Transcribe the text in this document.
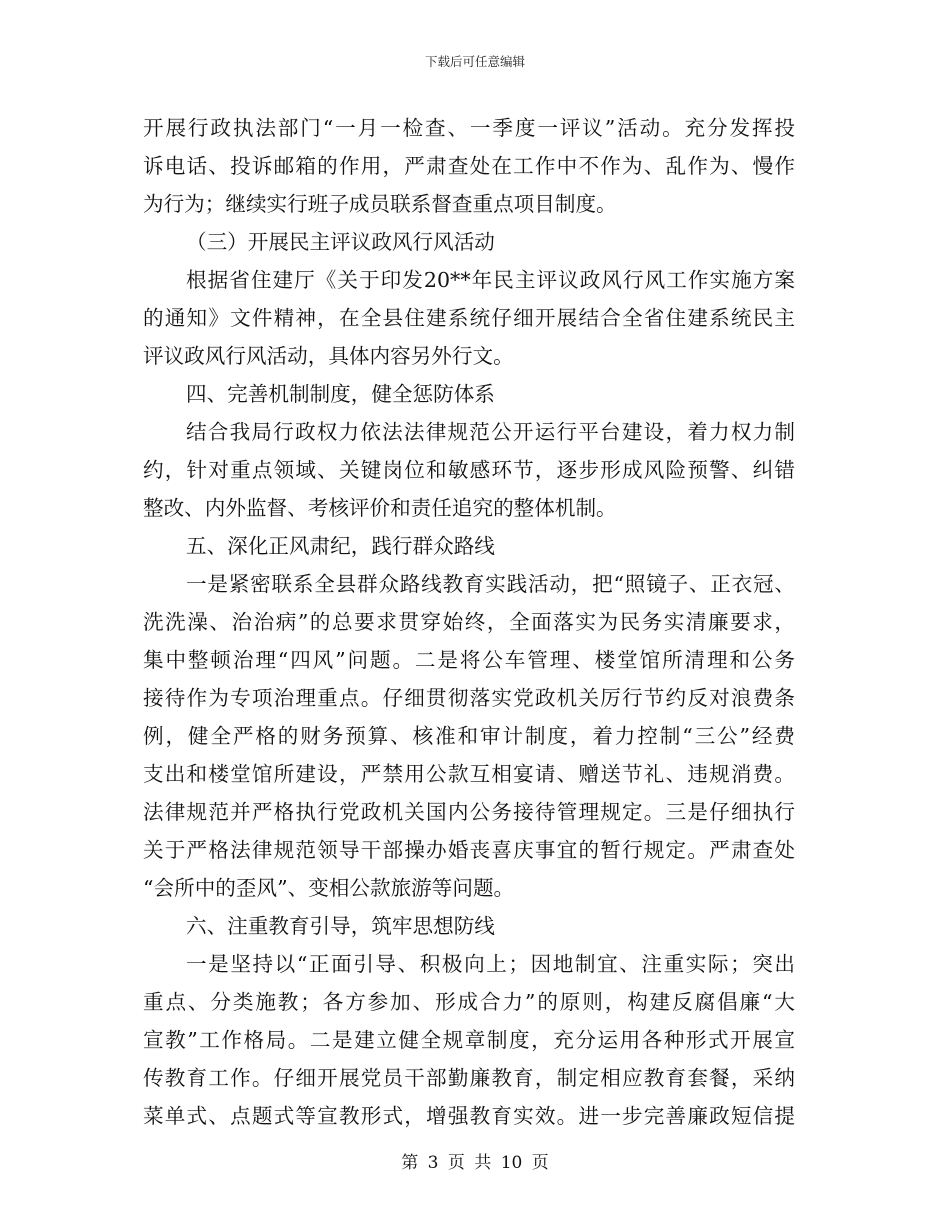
下载后可任意编辑
开展行政执法部门“一月一检查、一季度一评议”活动。充分发挥投
诉电话、投诉邮箱的作用，严肃查处在工作中不作为、乱作为、慢作
为行为；继续实行班子成员联系督查重点项目制度。
（三）开展民主评议政风行风活动
根据省住建厅《关于印发20**年民主评议政风行风工作实施方案
的通知》文件精神，在全县住建系统仔细开展结合全省住建系统民主
评议政风行风活动，具体内容另外行文。
四、完善机制制度，健全惩防体系
结合我局行政权力依法法律规范公开运行平台建设，着力权力制
约，针对重点领域、关键岗位和敏感环节，逐步形成风险预警、纠错
整改、内外监督、考核评价和责任追究的整体机制。
五、深化正风肃纪，践行群众路线
一是紧密联系全县群众路线教育实践活动，把“照镜子、正衣冠、
洗洗澡、治治病”的总要求贯穿始终，全面落实为民务实清廉要求，
集中整顿治理“四风”问题。二是将公车管理、楼堂馆所清理和公务
接待作为专项治理重点。仔细贯彻落实党政机关厉行节约反对浪费条
例，健全严格的财务预算、核准和审计制度，着力控制“三公”经费
支出和楼堂馆所建设，严禁用公款互相宴请、赠送节礼、违规消费。
法律规范并严格执行党政机关国内公务接待管理规定。三是仔细执行
关于严格法律规范领导干部操办婚丧喜庆事宜的暂行规定。严肃查处
“会所中的歪风”、变相公款旅游等问题。
六、注重教育引导，筑牢思想防线
一是坚持以“正面引导、积极向上；因地制宜、注重实际；突出
重点、分类施教；各方参加、形成合力”的原则，构建反腐倡廉“大
宣教”工作格局。二是建立健全规章制度，充分运用各种形式开展宣
传教育工作。仔细开展党员干部勤廉教育，制定相应教育套餐，采纳
菜单式、点题式等宣教形式，增强教育实效。进一步完善廉政短信提
第 3 页 共 10 页
